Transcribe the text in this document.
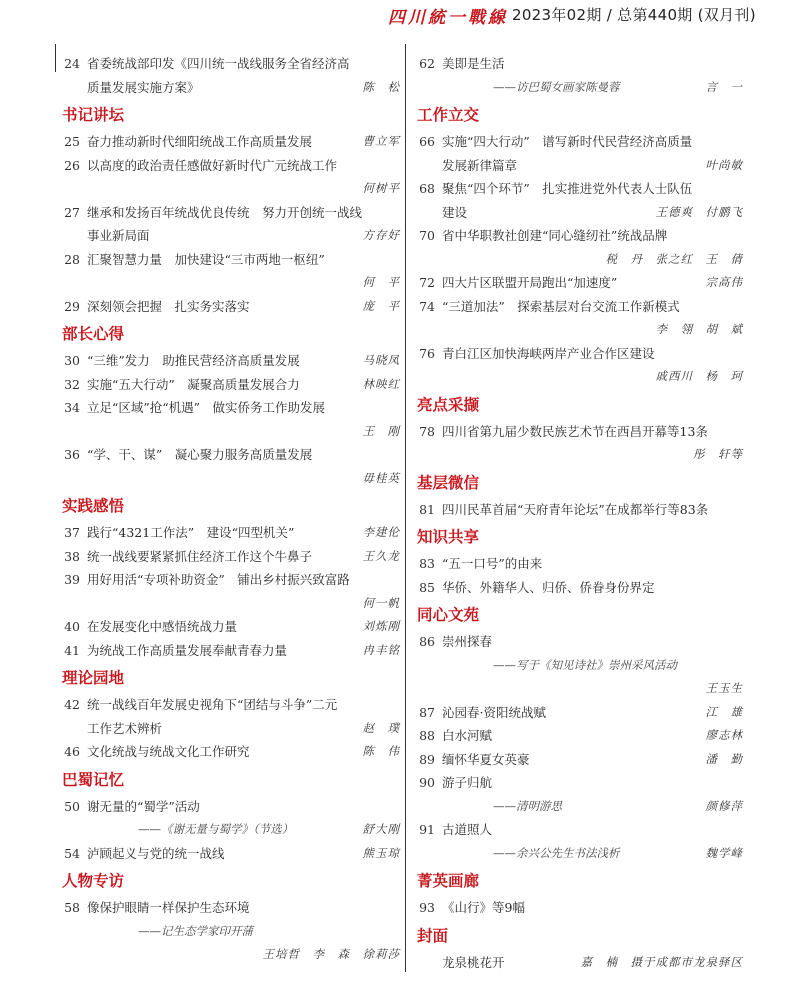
四川統一戰線 2023年02期 / 总第440期 (双月刊)
24 省委统战部印发《四川统一战线服务全省经济高
质量发展实施方案》	陈　松
书记讲坛
25 奋力推动新时代细阳统战工作高质量发展	曹立军
26 以高度的政治责任感做好新时代广元统战工作
何树平
27 继承和发扬百年统战优良传统　努力开创统一战线
事业新局面	方存好
28 汇聚智慧力量　加快建设“三市两地一枢纽”
何　平
29 深刻领会把握　扎实务实落实	庞　平
部长心得
30 “三维”发力　助推民营经济高质量发展	马晓凤
32 实施“五大行动”　凝聚高质量发展合力	林映红
34 立足“区域”抢“机遇”　做实侨务工作助发展
王　刚
36 “学、干、谋”　凝心聚力服务高质量发展
毋桂英
实践感悟
37 践行“4321工作法”　建设“四型机关”	李建伦
38 统一战线要紧紧抓住经济工作这个牛鼻子	王久龙
39 用好用活“专项补助资金”　铺出乡村振兴致富路
何一帆
40 在发展变化中感悟统战力量	刘炼刚
41 为统战工作高质量发展奉献青春力量	冉丰铭
理论园地
42 统一战线百年发展史视角下“团结与斗争”二元
工作艺术辨析	赵　璞
46 文化统战与统战文化工作研究	陈　伟
巴蜀记忆
50 谢无量的“蜀学”活动
——《谢无量与蜀学》（节选）	舒大刚
54 泸顾起义与党的统一战线	熊玉琼
人物专访
58 像保护眼睛一样保护生态环境
——记生态学家印开蒲
王培哲　李　森　徐莉莎
62 美即是生活
——访巴蜀女画家陈曼蓉	言　一
工作立交
66 实施“四大行动”　谱写新时代民营经济高质量
发展新律篇章	叶尚敏
68 聚焦“四个环节”　扎实推进党外代表人士队伍
建设	王德爽　付鹏飞
70 省中华职教社创建“同心缝纫社”统战品牌
税　丹　张之红　王　倩
72 四大片区联盟开局跑出“加速度”	宗高伟
74 “三道加法”　探索基层对台交流工作新模式
李　翎　胡　斌
76 青白江区加快海峡两岸产业合作区建设
戚西川　杨　珂
亮点采撷
78 四川省第九届少数民族艺术节在西昌开幕等13条
彤　轩等
基层微信
81 四川民革首届“天府青年论坛”在成都举行等83条
知识共享
83 “五一口号”的由来
85 华侨、外籍华人、归侨、侨眷身份界定
同心文苑
86 崇州探春
——写于《知见诗社》崇州采风活动
王玉生
87 沁园春·资阳统战赋	江　雄
88 白水河赋	廖志林
89 缅怀华夏女英豪	潘　勤
90 游子归航
——清明游思	颜修萍
91 古道照人
——余兴公先生书法浅析	魏学峰
菁英画廊
93 《山行》等9幅
封面
龙泉桃花开	嘉　楠　摄于成都市龙泉驿区
